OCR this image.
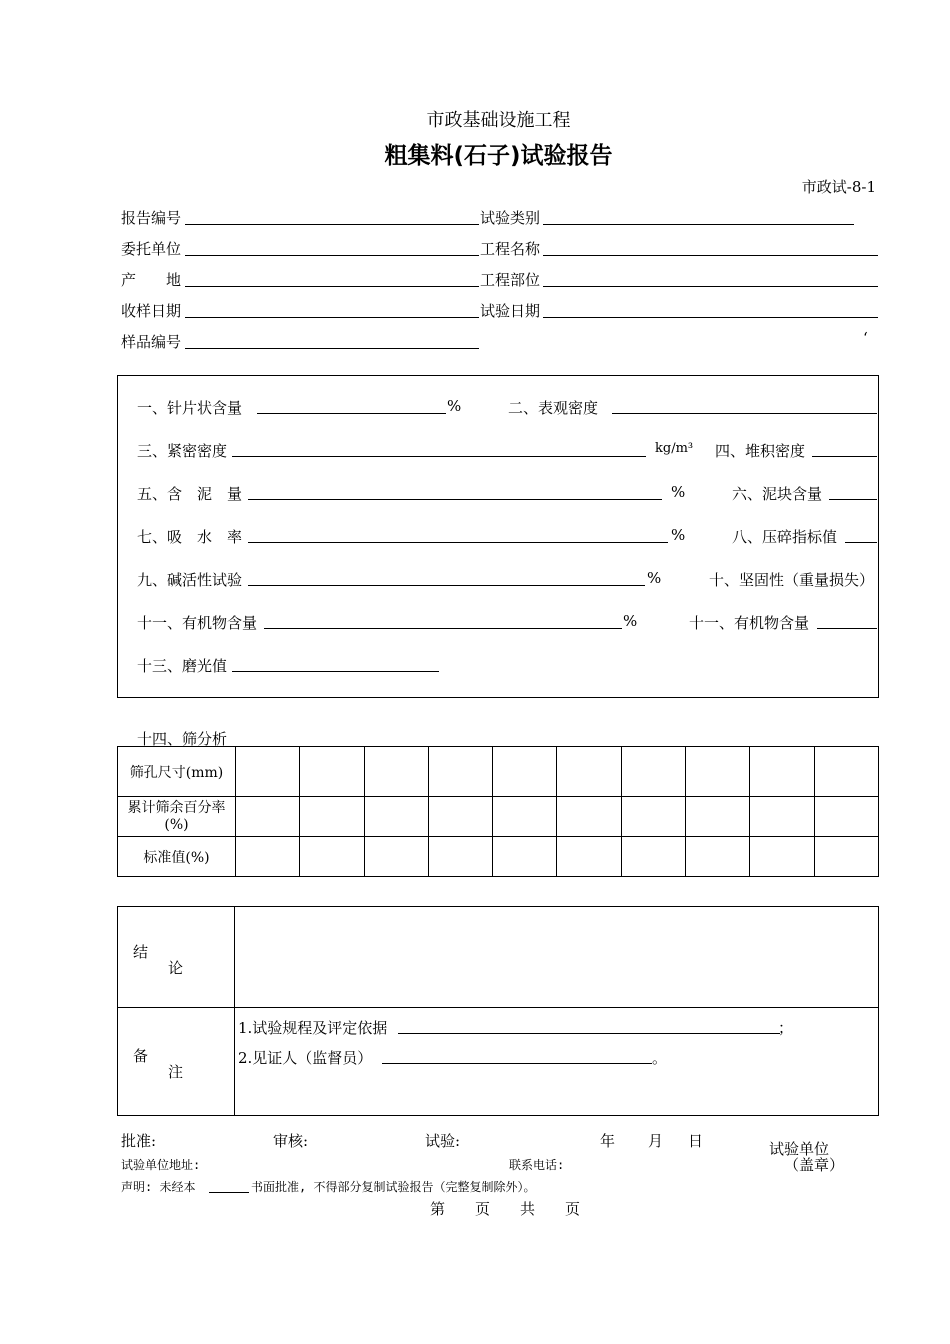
市政基础设施工程
粗集料(石子)试验报告
市政试-8-1
报告编号	试验类别
委托单位	工程名称
产　　地	工程部位
收样日期	试验日期
样品编号	‘
一、针片状含量	%	二、表观密度
三、紧密密度	kg/m³ 四、堆积密度
五、含　泥　量	%	六、泥块含量
七、吸　水　率	%	八、压碎指标值
九、碱活性试验	%	十、坚固性（重量损失）
十一、有机物含量	%	十一、有机物含量
十三、磨光值
十四、筛分析
筛孔尺寸(mm)										
累计筛余百分率(%)										
标准值(%)										
结
论
备
注
1.试验规程及评定依据	；
2.见证人（监督员）	。
批准:	审核:	试验:	年 月 日	试验单位
（盖章）
试验单位地址:	联系电话:
声明: 未经本	书面批准, 不得部分复制试验报告（完整复制除外）。
第　　页　　共　　页
